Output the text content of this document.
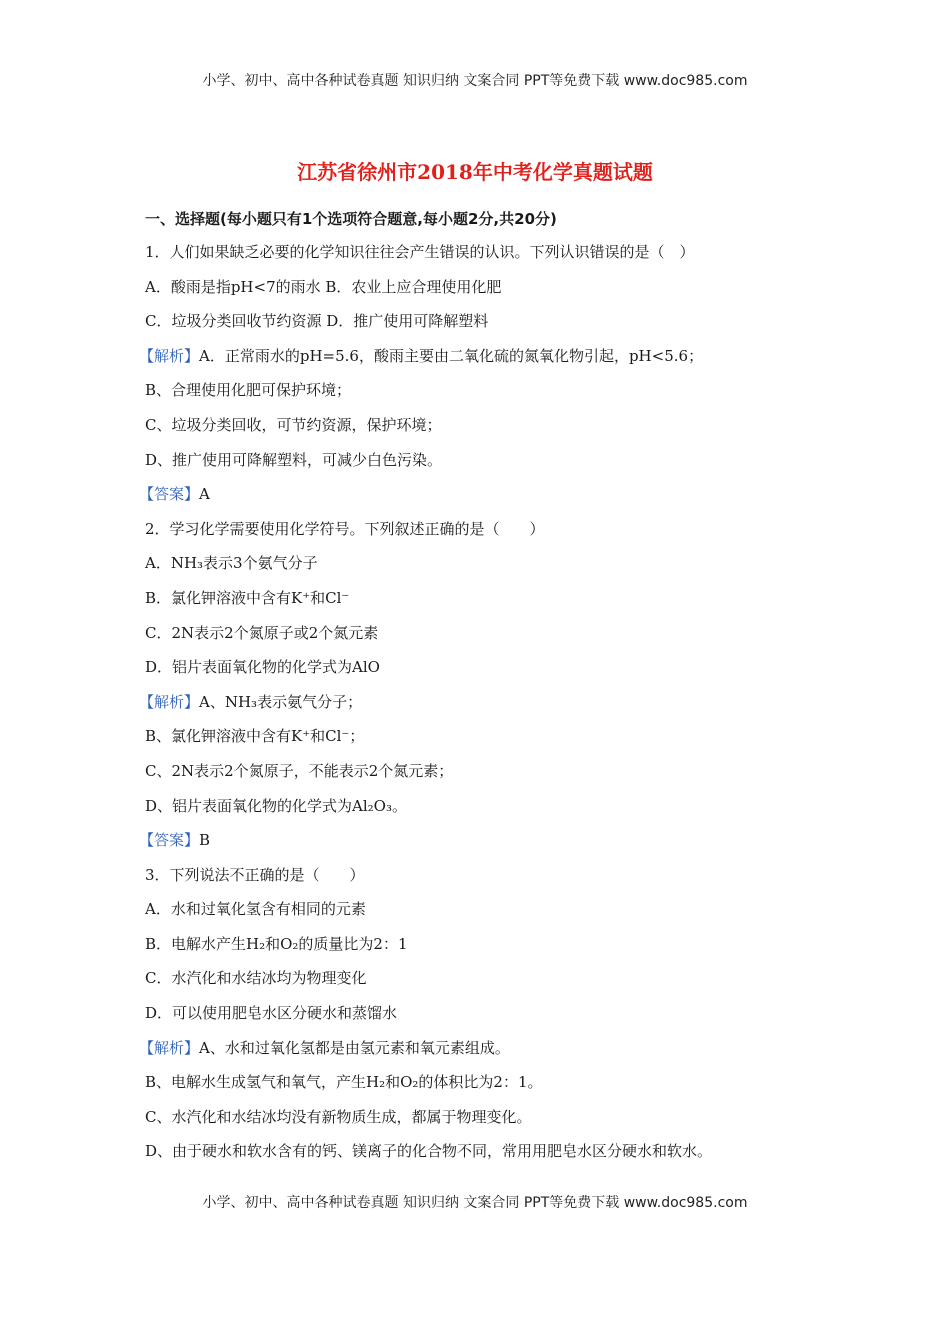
小学、初中、高中各种试卷真题 知识归纳 文案合同 PPT等免费下载 www.doc985.com
江苏省徐州市2018年中考化学真题试题
一、选择题(每小题只有1个选项符合题意,每小题2分,共20分)
1．人们如果缺乏必要的化学知识往往会产生错误的认识。下列认识错误的是（　）
A．酸雨是指pH<7的雨水 B．农业上应合理使用化肥
C．垃圾分类回收节约资源 D．推广使用可降解塑料
【解析】A．正常雨水的pH=5.6，酸雨主要由二氧化硫的氮氧化物引起，pH<5.6；
B、合理使用化肥可保护环境；
C、垃圾分类回收，可节约资源，保护环境；
D、推广使用可降解塑料，可减少白色污染。
【答案】A
2．学习化学需要使用化学符号。下列叙述正确的是（　　）
A．NH₃表示3个氨气分子
B．氯化钾溶液中含有K⁺和Cl⁻
C．2N表示2个氮原子或2个氮元素
D．铝片表面氧化物的化学式为AlO
【解析】A、NH₃表示氨气分子；
B、氯化钾溶液中含有K⁺和Cl⁻；
C、2N表示2个氮原子，不能表示2个氮元素；
D、铝片表面氧化物的化学式为Al₂O₃。
【答案】B
3．下列说法不正确的是（　　）
A．水和过氧化氢含有相同的元素
B．电解水产生H₂和O₂的质量比为2：1
C．水汽化和水结冰均为物理变化
D．可以使用肥皂水区分硬水和蒸馏水
【解析】A、水和过氧化氢都是由氢元素和氧元素组成。
B、电解水生成氢气和氧气，产生H₂和O₂的体积比为2：1。
C、水汽化和水结冰均没有新物质生成，都属于物理变化。
D、由于硬水和软水含有的钙、镁离子的化合物不同，常用用肥皂水区分硬水和软水。
小学、初中、高中各种试卷真题 知识归纳 文案合同 PPT等免费下载 www.doc985.com
